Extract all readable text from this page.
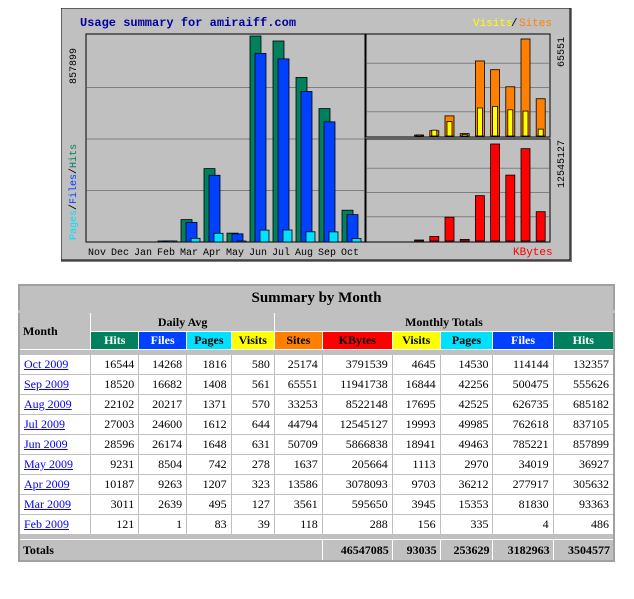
Nov Dec Jan Feb Mar Apr May Jun Jul Aug Sep Oct
Usage summary for amiraiff.com	Visits
/ Sites
KBytes
857899	65551
12545127
Pages/Files/Hits
Summary by Month										
Month	Daily Avg				Monthly Totals					
	Hits	Files	Pages	Visits	Sites	KBytes	Visits	Pages	Files	Hits

Oct 2009	16544	14268	1816	580	25174	3791539	4645	14530	114144	132357
Sep 2009	18520	16682	1408	561	65551	11941738	16844	42256	500475	555626
Aug 2009	22102	20217	1371	570	33253	8522148	17695	42525	626735	685182
Jul 2009	27003	24600	1612	644	44794	12545127	19993	49985	762618	837105
Jun 2009	28596	26174	1648	631	50709	5866838	18941	49463	785221	857899
May 2009	9231	8504	742	278	1637	205664	1113	2970	34019	36927
Apr 2009	10187	9263	1207	323	13586	3078093	9703	36212	277917	305632
Mar 2009	3011	2639	495	127	3561	595650	3945	15353	81830	93363
Feb 2009	121	1	83	39	118	288	156	335	4	486

Totals						46547085	93035	253629	3182963	3504577
